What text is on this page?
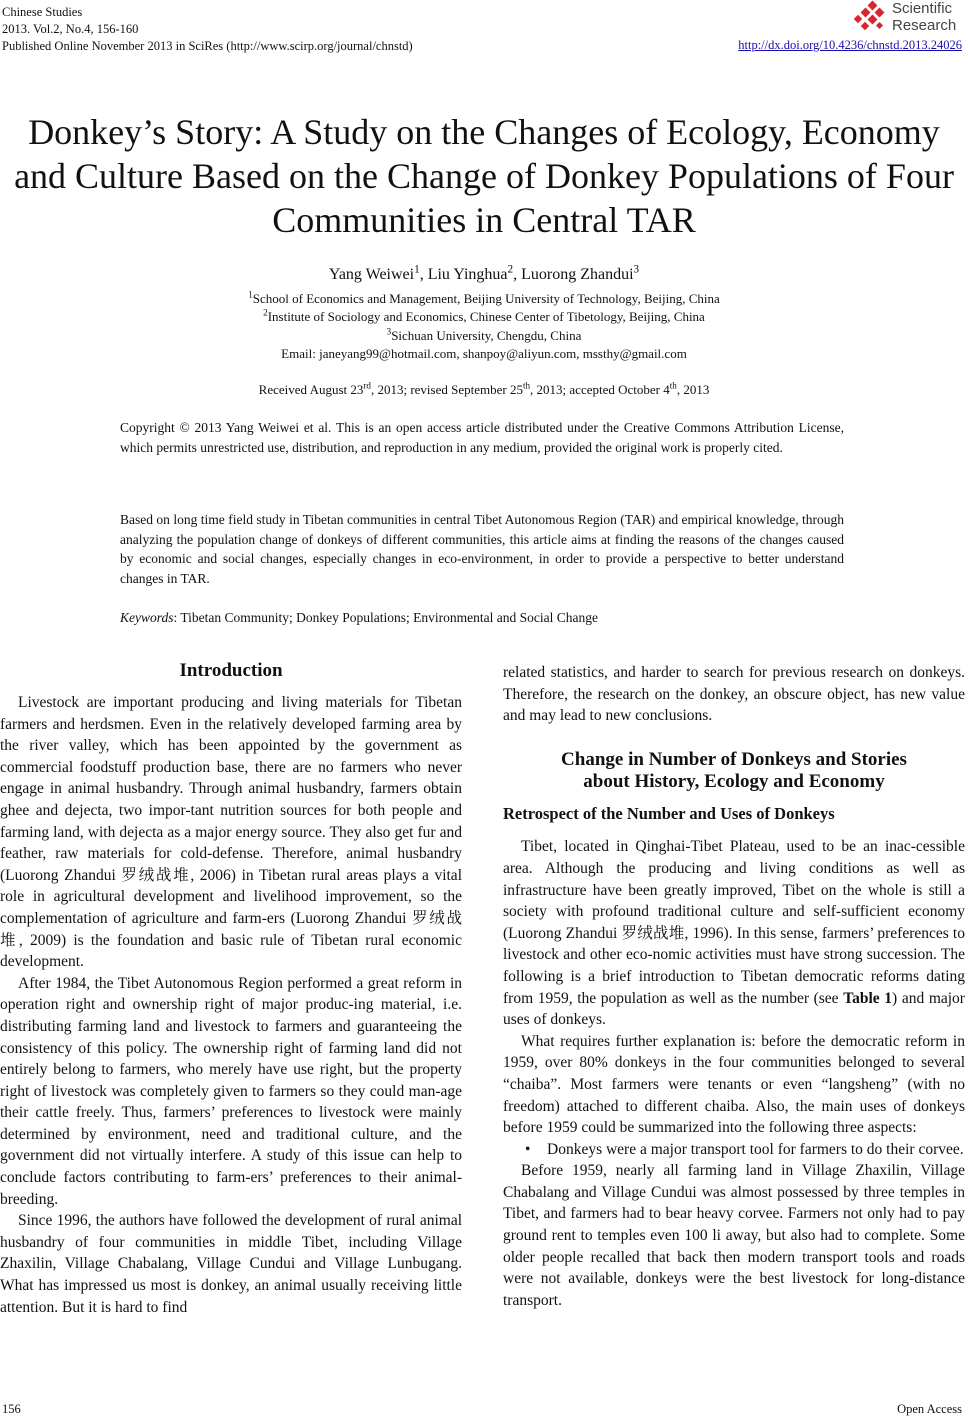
Chinese Studies
2013. Vol.2, No.4, 156-160
Published Online November 2013 in SciRes (http://www.scirp.org/journal/chnstd)
Scientific
Research
http://dx.doi.org/10.4236/chnstd.2013.24026
Donkey’s Story: A Study on the Changes of Ecology, Economy
and Culture Based on the Change of Donkey Populations of Four
Communities in Central TAR
Yang Weiwei$^1$, Liu Yinghua$^2$, Luorong Zhandui$^3$
$^1$School of Economics and Management, Beijing University of Technology, Beijing, China
$^2$Institute of Sociology and Economics, Chinese Center of Tibetology, Beijing, China
$^3$Sichuan University, Chengdu, China
Email: janeyang99@hotmail.com, shanpoy@aliyun.com, mssthy@gmail.com
Received August 23rd, 2013; revised September 25th, 2013; accepted October 4th, 2013
Copyright © 2013 Yang Weiwei et al. This is an open access article distributed under the Creative Commons Attribution License, which permits unrestricted use, distribution, and reproduction in any medium, provided the original work is properly cited.
Based on long time field study in Tibetan communities in central Tibet Autonomous Region (TAR) and empirical knowledge, through analyzing the population change of donkeys of different communities, this article aims at finding the reasons of the changes caused by economic and social changes, especially changes in eco-environment, in order to provide a perspective to better understand changes in TAR.
Keywords: Tibetan Community; Donkey Populations; Environmental and Social Change

Introduction

Livestock are important producing and living materials for Tibetan farmers and herdsmen. Even in the relatively developed farming area by the river valley, which has been appointed by the government as commercial foodstuff production base, there are no farmers who never engage in animal husbandry. Through animal husbandry, farmers obtain ghee and dejecta, two impor-tant nutrition sources for both people and farming land, with dejecta as a major energy source. They also get fur and feather, raw materials for cold-defense. Therefore, animal husbandry (Luorong Zhandui 罗绒战堆, 2006) in Tibetan rural areas plays a vital role in agricultural development and livelihood improvement, so the complementation of agriculture and farm-ers (Luorong Zhandui 罗绒战堆, 2009) is the foundation and basic rule of Tibetan rural economic development.

After 1984, the Tibet Autonomous Region performed a great reform in operation right and ownership right of major produc-ing material, i.e. distributing farming land and livestock to farmers and guaranteeing the consistency of this policy. The ownership right of farming land did not entirely belong to farmers, who merely have use right, but the property right of livestock was completely given to farmers so they could man-age their cattle freely. Thus, farmers’ preferences to livestock were mainly determined by environment, need and traditional culture, and the government did not virtually interfere. A study of this issue can help to conclude factors contributing to farm-ers’ preferences to their animal-breeding.

Since 1996, the authors have followed the development of rural animal husbandry of four communities in middle Tibet, including Village Zhaxilin, Village Chabalang, Village Cundui and Village Lunbugang. What has impressed us most is donkey, an animal usually receiving little attention. But it is hard to find

related statistics, and harder to search for previous research on donkeys. Therefore, the research on the donkey, an obscure object, has new value and may lead to new conclusions.

Change in Number of Donkeys and Stories

about History, Ecology and Economy

Retrospect of the Number and Uses of Donkeys

Tibet, located in Qinghai-Tibet Plateau, used to be an inac-cessible area. Although the producing and living conditions as well as infrastructure have been greatly improved, Tibet on the whole is still a society with profound traditional culture and self-sufficient economy (Luorong Zhandui 罗绒战堆, 1996). In this sense, farmers’ preferences to livestock and other eco-nomic activities must have strong succession. The following is a brief introduction to Tibetan democratic reforms dating from 1959, the population as well as the number (see Table 1) and major uses of donkeys.

What requires further explanation is: before the democratic reform in 1959, over 80% donkeys in the four communities belonged to several “chaiba”. Most farmers were tenants or even “langsheng” (with no freedom) attached to different chaiba. Also, the main uses of donkeys before 1959 could be summarized into the following three aspects:

• Donkeys were a major transport tool for farmers to do their corvee.

Before 1959, nearly all farming land in Village Zhaxilin, Village Chabalang and Village Cundui was almost possessed by three temples in Tibet, and farmers had to bear heavy corvee. Farmers not only had to pay ground rent to temples even 100 li away, but also had to complete. Some older people recalled that back then modern transport tools and roads were not available, donkeys were the best livestock for long-distance transport.

156	Open Access
